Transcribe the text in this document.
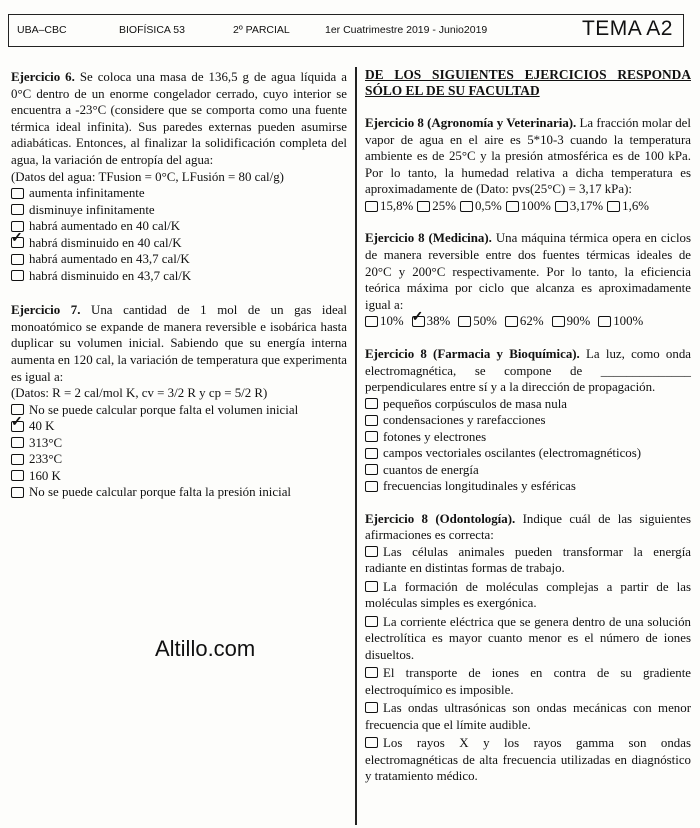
UBA–CBC	BIOFÍSICA 53	2º PARCIAL	1er Cuatrimestre 2019 - Junio2019	TEMA A2

Ejercicio 6. Se coloca una masa de 136,5 g de agua líquida a 0°C dentro de un enorme congelador cerrado, cuyo interior se encuentra a -23°C (considere que se comporta como una fuente térmica ideal infinita). Sus paredes externas pueden asumirse adiabáticas. Entonces, al finalizar la solidificación completa del agua, la variación de entropía del agua:

(Datos del agua: TFusion = 0°C, LFusión = 80 cal/g)

aumenta infinitamente
disminuye infinitamente
habrá aumentado en 40 cal/K
✓
habrá disminuido en 40 cal/K
habrá aumentado en 43,7 cal/K
habrá disminuido en 43,7 cal/K

Ejercicio 7. Una cantidad de 1 mol de un gas ideal monoatómico se expande de manera reversible e isobárica hasta duplicar su volumen inicial. Sabiendo que su energía interna aumenta en 120 cal, la variación de temperatura que experimenta es igual a:

(Datos: R = 2 cal/mol K, cv = 3/2 R y cp = 5/2 R)

No se puede calcular porque falta el volumen inicial
✓
40 K
313°C
233°C
160 K
No se puede calcular porque falta la presión inicial

DE LOS SIGUIENTES EJERCICIOS RESPONDA SÓLO EL DE SU FACULTAD

Ejercicio 8 (Agronomía y Veterinaria). La fracción molar del vapor de agua en el aire es 5*10-3 cuando la temperatura ambiente es de 25°C y la presión atmosférica es de 100 kPa. Por lo tanto, la humedad relativa a dicha temperatura es aproximadamente de (Dato: pvs(25°C) = 3,17 kPa):

15,8% 25% 0,5% 100% 3,17% 1,6%

Ejercicio 8 (Medicina). Una máquina térmica opera en ciclos de manera reversible entre dos fuentes térmicas ideales de 20°C y 200°C respectivamente. Por lo tanto, la eficiencia teórica máxima por ciclo que alcanza es aproximadamente igual a:

10%
✓ 38% 50% 62% 90% 100%

Ejercicio 8 (Farmacia y Bioquímica). La luz, como onda electromagnética, se compone de ______________ perpendiculares entre sí y a la dirección de propagación.

pequeños corpúsculos de masa nula
condensaciones y rarefacciones
fotones y electrones
campos vectoriales oscilantes (electromagnéticos)
cuantos de energía
frecuencias longitudinales y esféricas

Ejercicio 8 (Odontología). Indique cuál de las siguientes afirmaciones es correcta:

Las células animales pueden transformar la energía radiante en distintas formas de trabajo.
La formación de moléculas complejas a partir de las moléculas simples es exergónica.
La corriente eléctrica que se genera dentro de una solución electrolítica es mayor cuanto menor es el número de iones disueltos.
El transporte de iones en contra de su gradiente electroquímico es imposible.
Las ondas ultrasónicas son ondas mecánicas con menor frecuencia que el límite audible.
Los rayos X y los rayos gamma son ondas electromagnéticas de alta frecuencia utilizadas en diagnóstico y tratamiento médico.
Altillo.com
